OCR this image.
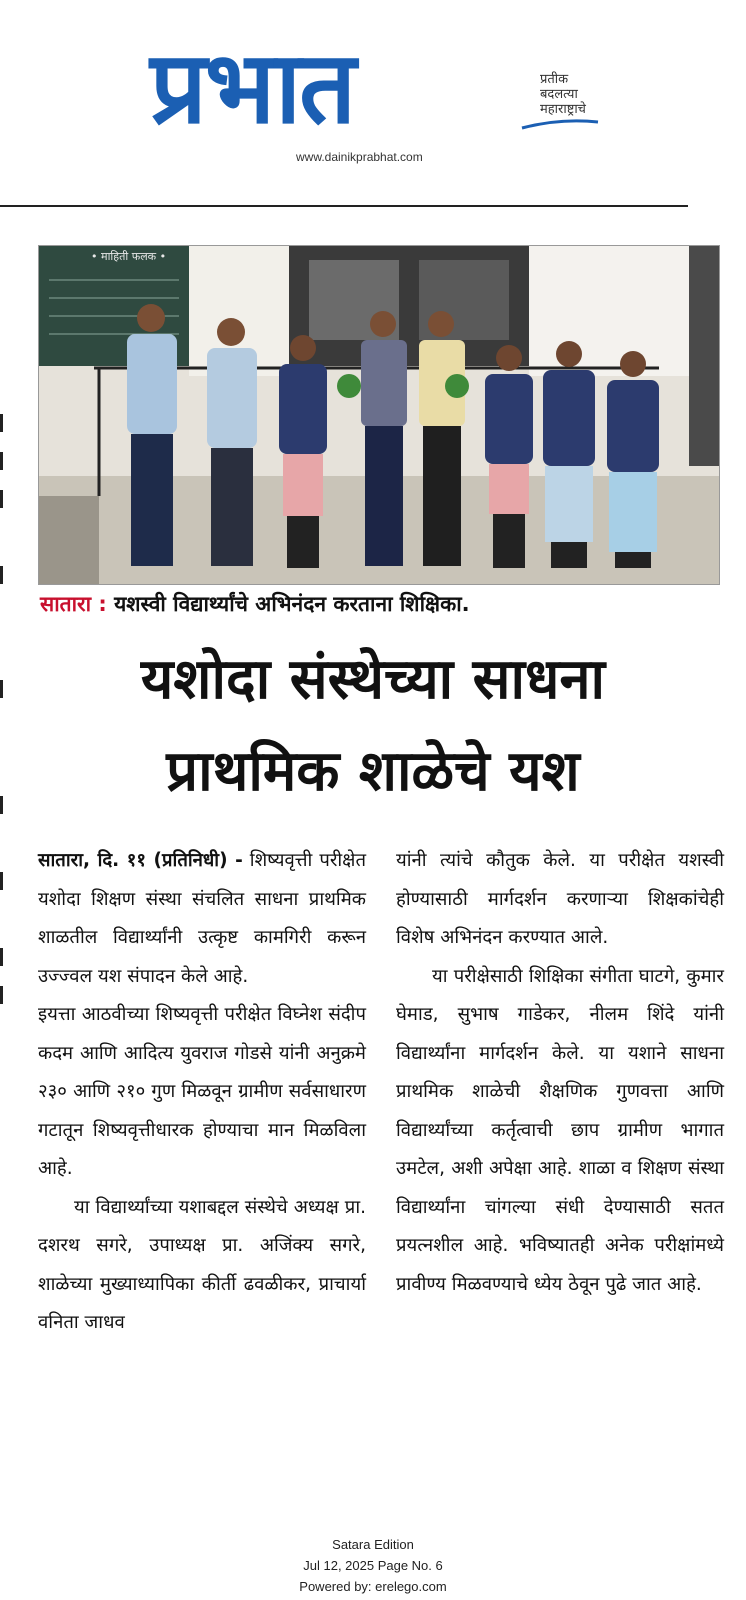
प्रभात	प्रतीक
बदलत्या
महाराष्ट्राचे
www.dainikprabhat.com
• माहिती फलक •
सातारा : यशस्वी विद्यार्थ्यांचे अभिनंदन करताना शिक्षिका.
यशोदा संस्थेच्या साधना
प्राथमिक शाळेचे यश

सातारा, दि. ११ (प्रतिनिधी) - शिष्यवृत्ती परीक्षेत यशोदा शिक्षण संस्था संचलित साधना प्राथमिक शाळतील विद्यार्थ्यांनी उत्कृष्ट कामगिरी करून उज्ज्वल यश संपादन केले आहे.

इयत्ता आठवीच्या शिष्यवृत्ती परीक्षेत विघ्नेश संदीप कदम आणि आदित्य युवराज गोडसे यांनी अनुक्रमे २३० आणि २१० गुण मिळवून ग्रामीण सर्वसाधारण गटातून शिष्यवृत्तीधारक होण्याचा मान मिळविला आहे.

या विद्यार्थ्यांच्या यशाबद्दल संस्थेचे अध्यक्ष प्रा. दशरथ सगरे, उपाध्यक्ष प्रा. अजिंक्य सगरे, शाळेच्या मुख्याध्यापिका कीर्ती ढवळीकर, प्राचार्या वनिता जाधव

यांनी त्यांचे कौतुक केले. या परीक्षेत यशस्वी होण्यासाठी मार्गदर्शन करणाऱ्या शिक्षकांचेही विशेष अभिनंदन करण्यात आले.

या परीक्षेसाठी शिक्षिका संगीता घाटगे, कुमार घेमाड, सुभाष गाडेकर, नीलम शिंदे यांनी विद्यार्थ्यांना मार्गदर्शन केले. या यशाने साधना प्राथमिक शाळेची शैक्षणिक गुणवत्ता आणि विद्यार्थ्यांच्या कर्तृत्वाची छाप ग्रामीण भागात उमटेल, अशी अपेक्षा आहे. शाळा व शिक्षण संस्था विद्यार्थ्यांना चांगल्या संधी देण्यासाठी सतत प्रयत्नशील आहे. भविष्यातही अनेक परीक्षांमध्ये प्रावीण्य मिळवण्याचे ध्येय ठेवून पुढे जात आहे.

Satara Edition
Jul 12, 2025 Page No. 6
Powered by: erelego.com
